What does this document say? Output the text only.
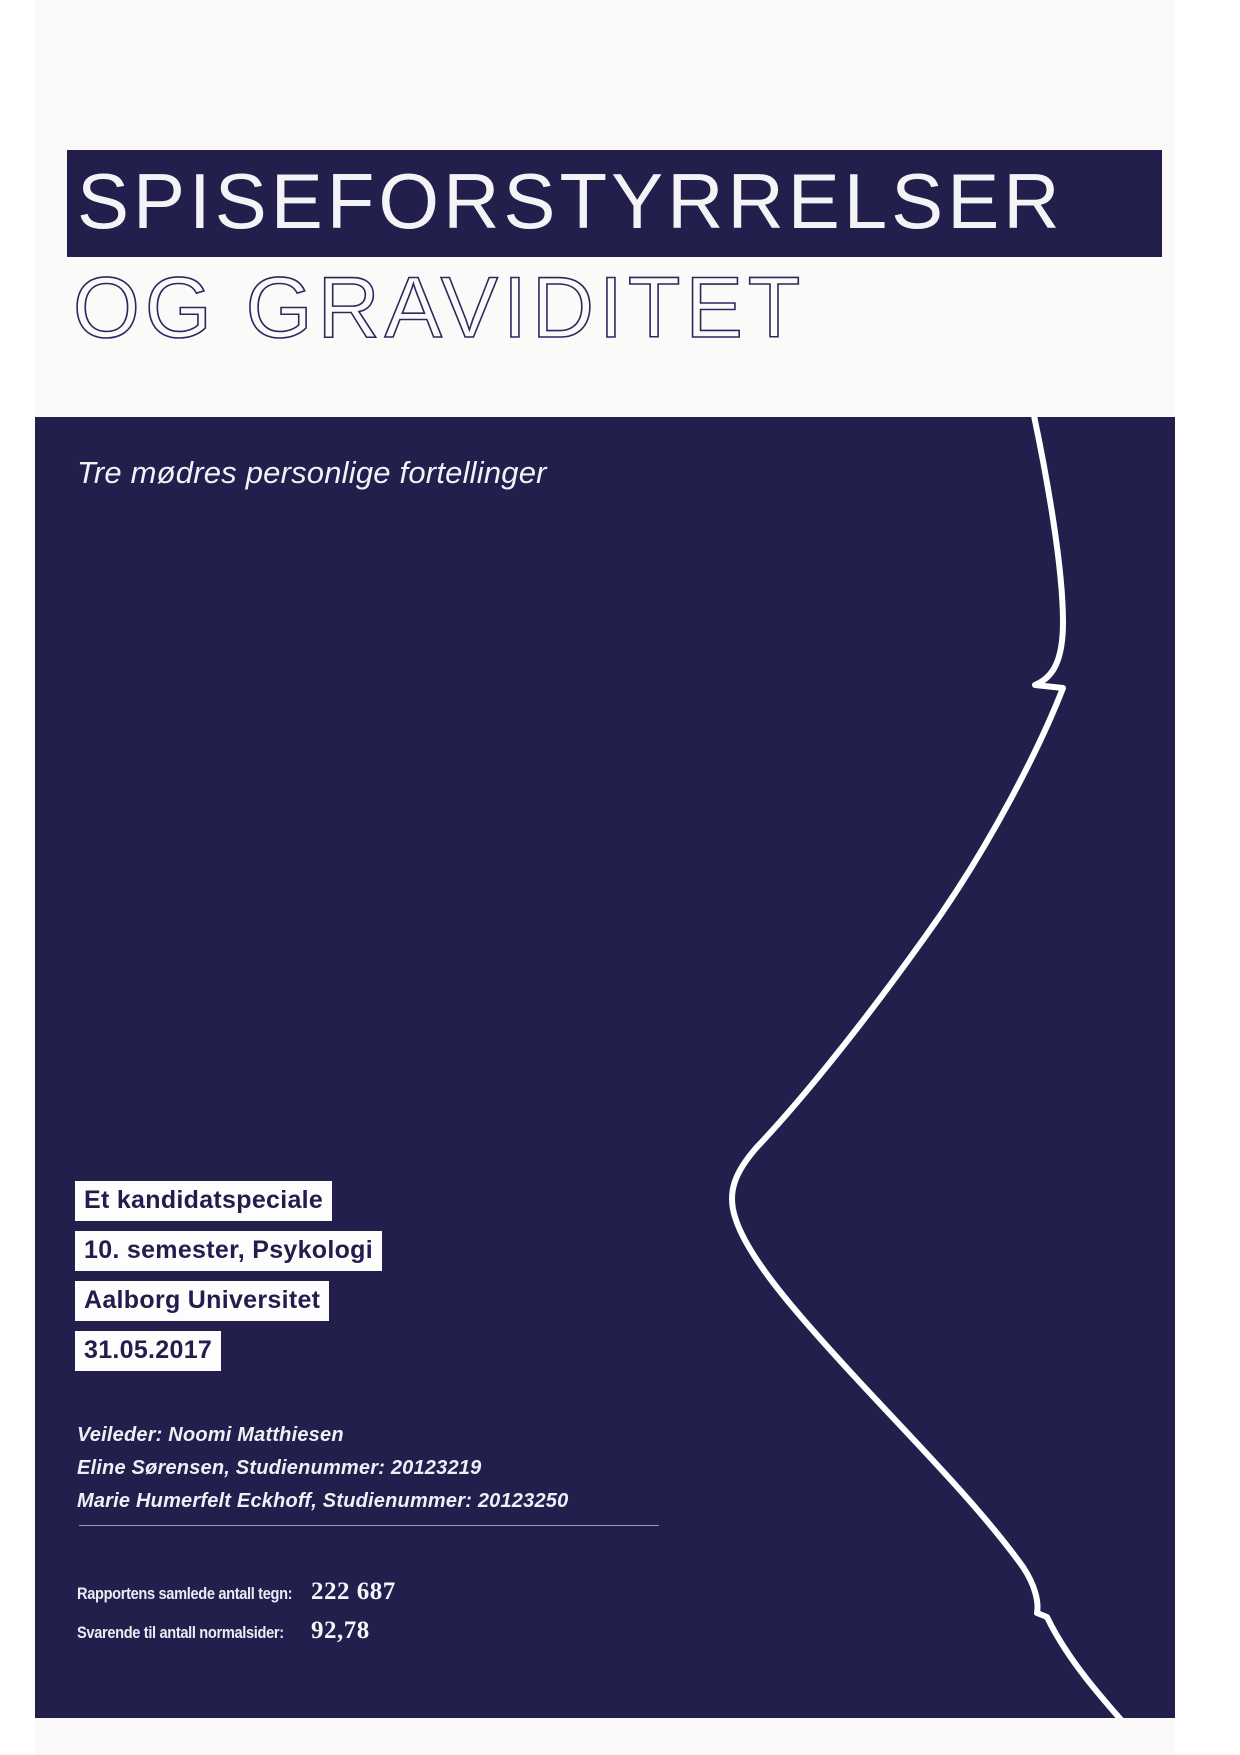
SPISEFORSTYRRELSER
OG GRAVIDITET
Tre mødres personlige fortellinger
Et kandidatspeciale
10. semester, Psykologi
Aalborg Universitet
31.05.2017
Veileder: Noomi Matthiesen
Eline Sørensen, Studienummer: 20123219
Marie Humerfelt Eckhoff, Studienummer: 20123250
Rapportens samlede antall tegn: 222 687
Svarende til antall normalsider: 92,78
